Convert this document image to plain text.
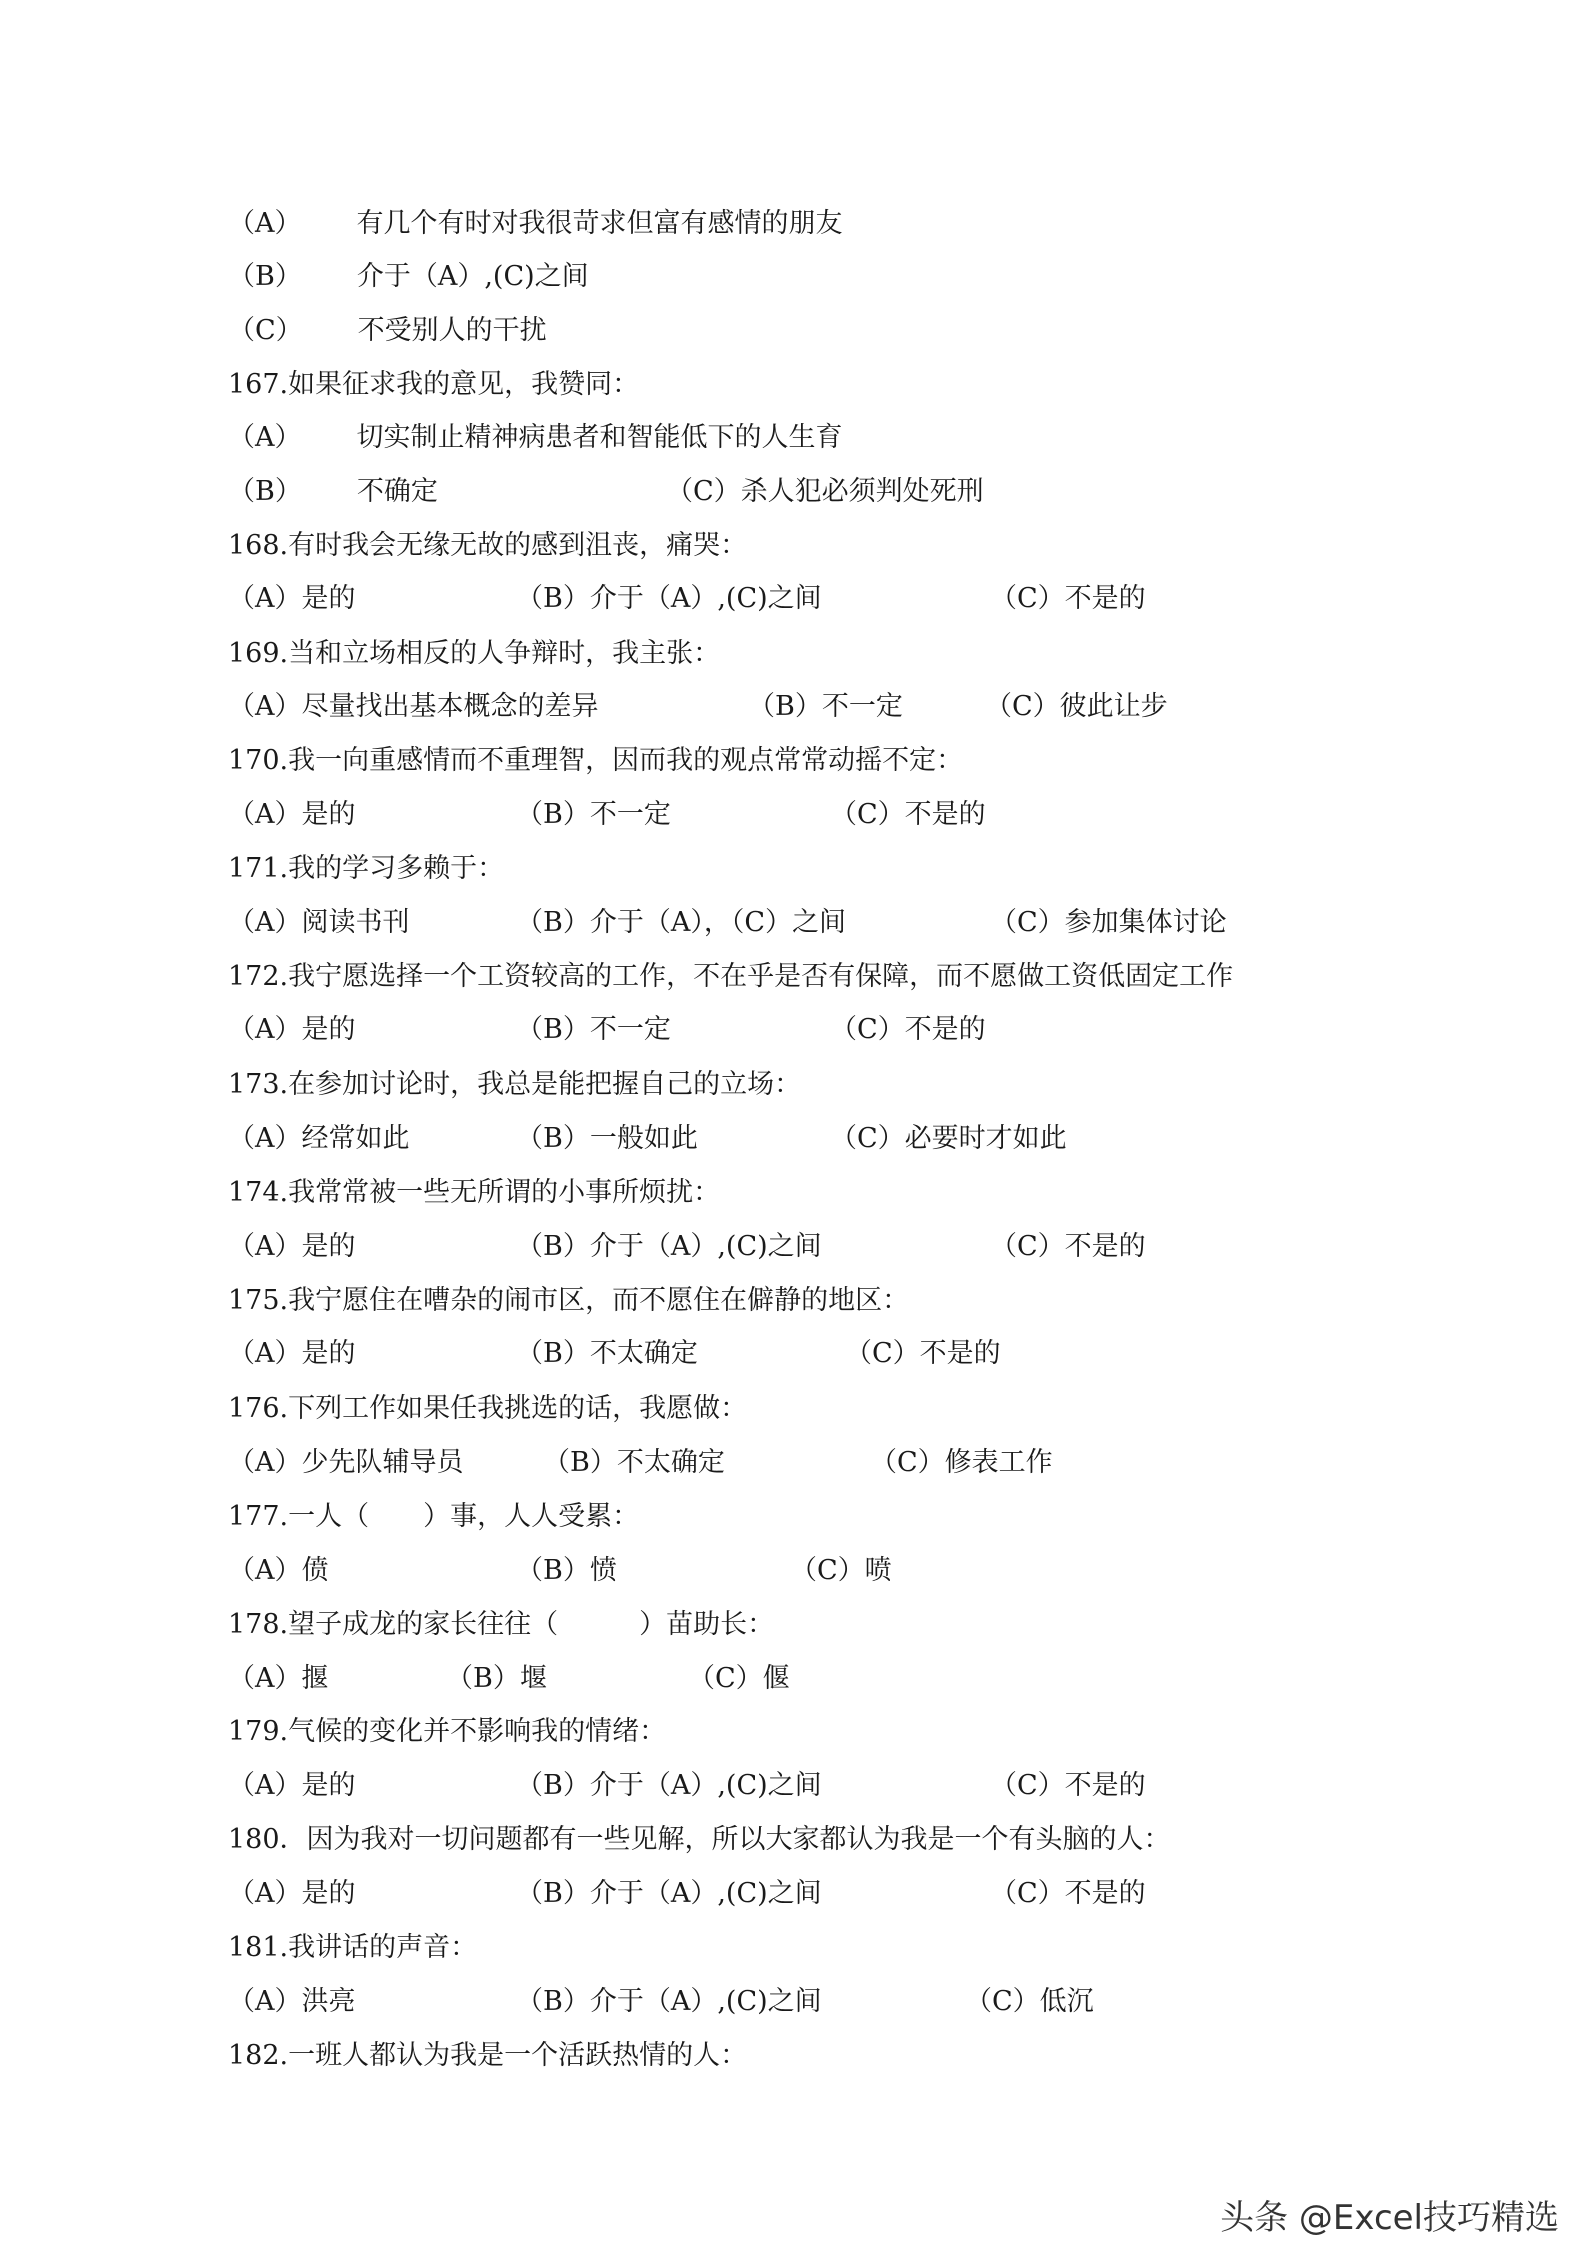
（A） 有几个有时对我很苛求但富有感情的朋友
（B） 介于（A）,(C)之间
（C） 不受别人的干扰
167.如果征求我的意见，我赞同：
（A） 切实制止精神病患者和智能低下的人生育
（B） 不确定	（C）杀人犯必须判处死刑
168.有时我会无缘无故的感到沮丧，痛哭：
（A）是的	（B）介于（A）,(C)之间	（C）不是的
169.当和立场相反的人争辩时，我主张：
（A）尽量找出基本概念的差异	（B）不一定	（C）彼此让步
170.我一向重感情而不重理智，因而我的观点常常动摇不定：
（A）是的	（B）不一定	（C）不是的
171.我的学习多赖于：
（A）阅读书刊	（B）介于（A），（C）之间	（C）参加集体讨论
172.我宁愿选择一个工资较高的工作，不在乎是否有保障，而不愿做工资低固定工作
（A）是的	（B）不一定	（C）不是的
173.在参加讨论时，我总是能把握自己的立场：
（A）经常如此	（B）一般如此	（C）必要时才如此
174.我常常被一些无所谓的小事所烦扰：
（A）是的	（B）介于（A）,(C)之间	（C）不是的
175.我宁愿住在嘈杂的闹市区，而不愿住在僻静的地区：
（A）是的	（B）不太确定	（C）不是的
176.下列工作如果任我挑选的话，我愿做：
（A）少先队辅导员	（B）不太确定	（C）修表工作
177.一人（　　）事，人人受累：
（A）偾	（B）愤	（C）喷
178.望子成龙的家长往往（　　　）苗助长：
（A）揠	（B）堰	（C）偃
179.气候的变化并不影响我的情绪：
（A）是的	（B）介于（A）,(C)之间	（C）不是的
180．因为我对一切问题都有一些见解，所以大家都认为我是一个有头脑的人：
（A）是的	（B）介于（A）,(C)之间	（C）不是的
181.我讲话的声音：
（A）洪亮	（B）介于（A）,(C)之间	（C）低沉
182.一班人都认为我是一个活跃热情的人：
头条 @Excel技巧精选
